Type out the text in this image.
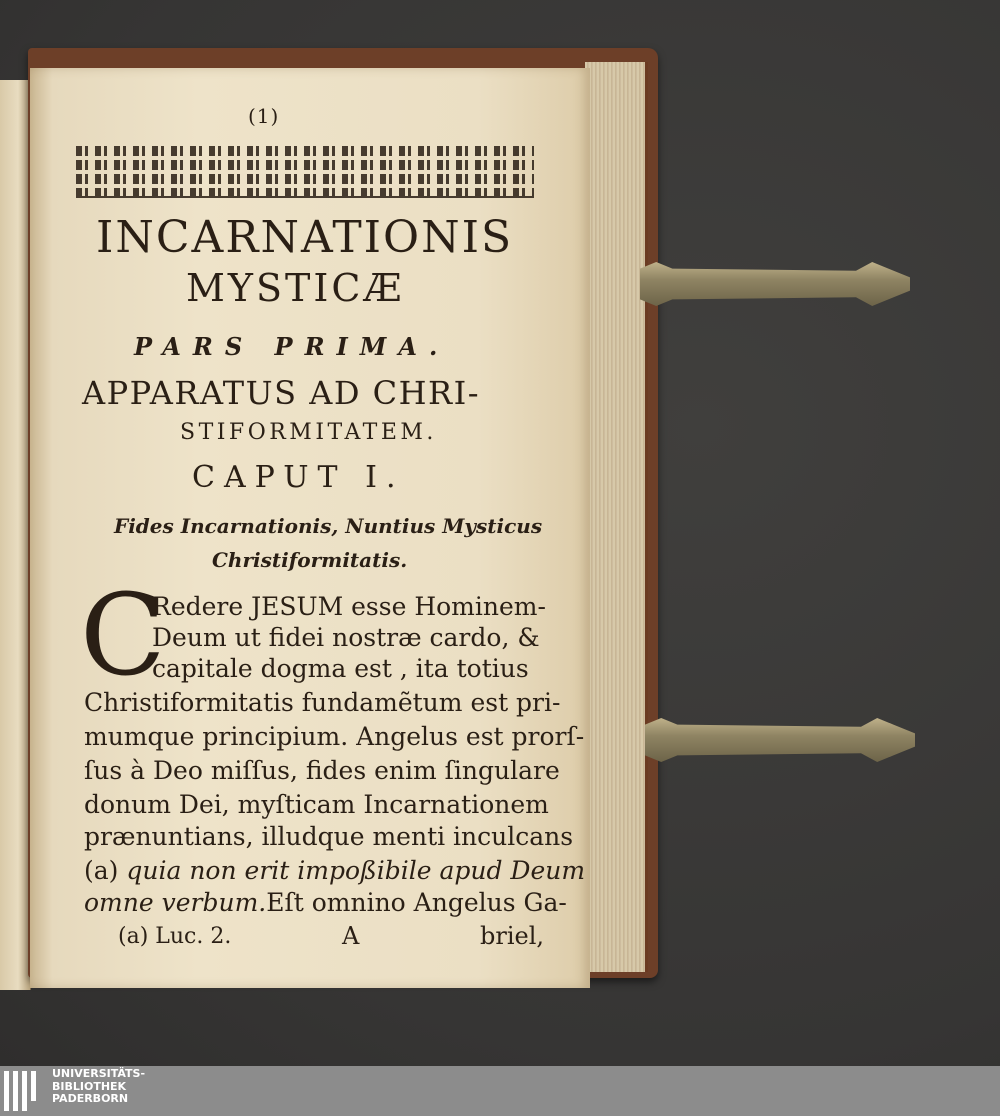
(1)
INCARNATIONIS
MYSTICÆ
PARS PRIMA.
APPARATUS AD CHRI-
STIFORMITATEM.
CAPUT I.
Fides Incarnationis, Nuntius Mysticus
Christiformitatis.
C
Redere JESUM esse Hominem-
Deum ut fidei nostræ cardo, &
capitale dogma est , ita totius
Christiformitatis fundamẽtum est pri-
mumque principium. Angelus est prorſ-
ſus à Deo miſſus, fides enim ſingulare
donum Dei, myſticam Incarnationem
prænuntians, illudque menti inculcans
(a) quia non erit impoßibile apud Deum
omne verbum.Eſt omnino Angelus Ga-
(a) Luc. 2.	A	briel,
UNIVERSITÄTS-
BIBLIOTHEK
PADERBORN
